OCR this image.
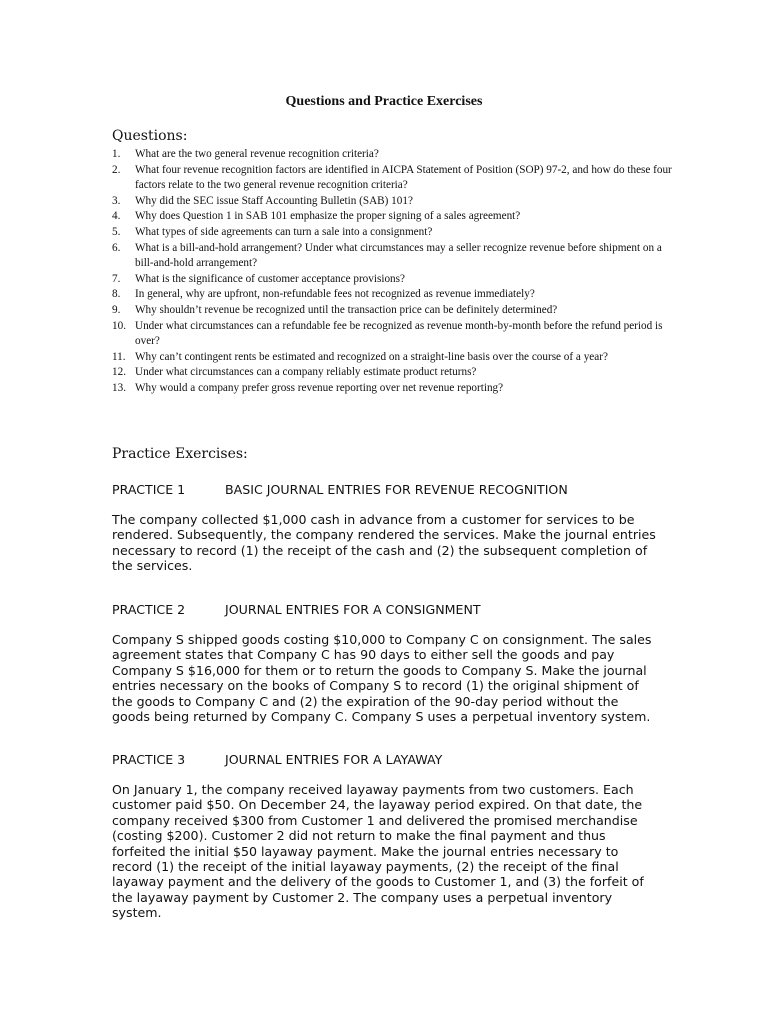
Questions and Practice Exercises
Questions:
1.	What are the two general revenue recognition criteria?
2.	What four revenue recognition factors are identified in AICPA Statement of Position (SOP) 97-2, and how do these four factors relate to the two general revenue recognition criteria?
3.	Why did the SEC issue Staff Accounting Bulletin (SAB) 101?
4.	Why does Question 1 in SAB 101 emphasize the proper signing of a sales agreement?
5.	What types of side agreements can turn a sale into a consignment?
6.	What is a bill-and-hold arrangement? Under what circumstances may a seller recognize revenue before shipment on a bill-and-hold arrangement?
7.	What is the significance of customer acceptance provisions?
8.	In general, why are upfront, non-refundable fees not recognized as revenue immediately?
9.	Why shouldn’t revenue be recognized until the transaction price can be definitely determined?
10. Under what circumstances can a refundable fee be recognized as revenue month-by-month before the refund period is over?
11. Why can’t contingent rents be estimated and recognized on a straight-line basis over the course of a year?
12. Under what circumstances can a company reliably estimate product returns?
13. Why would a company prefer gross revenue reporting over net revenue reporting?
Practice Exercises:
PRACTICE 1	BASIC JOURNAL ENTRIES FOR REVENUE RECOGNITION
The company collected $1,000 cash in advance from a customer for services to be rendered. Subsequently, the company rendered the services. Make the journal entries necessary to record (1) the receipt of the cash and (2) the subsequent completion of the services.
PRACTICE 2	JOURNAL ENTRIES FOR A CONSIGNMENT
Company S shipped goods costing $10,000 to Company C on consignment. The sales agreement states that Company C has 90 days to either sell the goods and pay Company S $16,000 for them or to return the goods to Company S. Make the journal entries necessary on the books of Company S to record (1) the original shipment of the goods to Company C and (2) the expiration of the 90-day period without the goods being returned by Company C. Company S uses a perpetual inventory system.
PRACTICE 3	JOURNAL ENTRIES FOR A LAYAWAY
On January 1, the company received layaway payments from two customers. Each customer paid $50. On December 24, the layaway period expired. On that date, the company received $300 from Customer 1 and delivered the promised merchandise (costing $200). Customer 2 did not return to make the final payment and thus forfeited the initial $50 layaway payment. Make the journal entries necessary to record (1) the receipt of the initial layaway payments, (2) the receipt of the final layaway payment and the delivery of the goods to Customer 1, and (3) the forfeit of the layaway payment by Customer 2. The company uses a perpetual inventory system.
